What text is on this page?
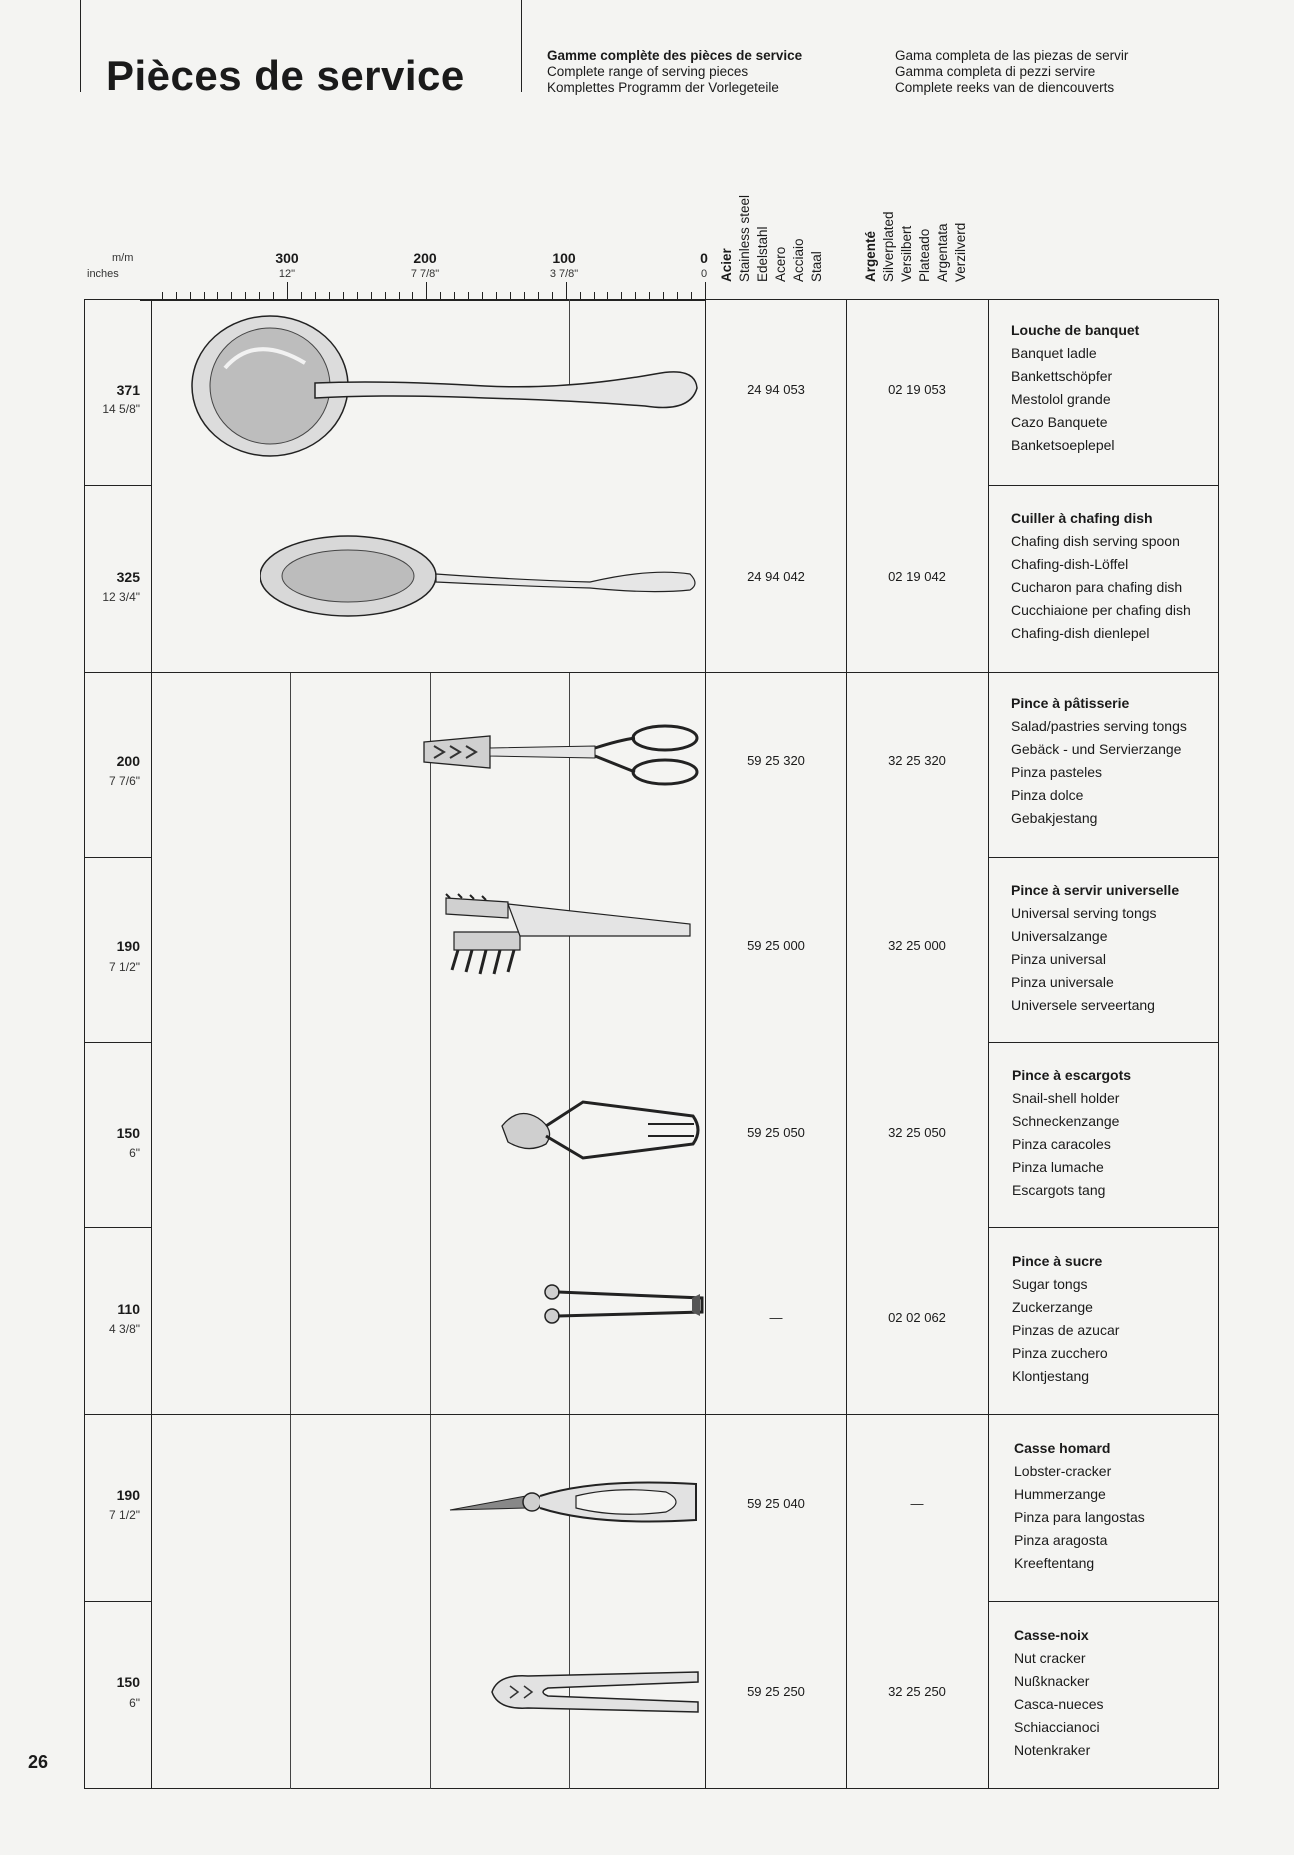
Pièces de service	Gamme complète des pièces de service
Complete range of serving pieces
Komplettes Programm der Vorlegeteile
Gama completa de las piezas de servir
Gamma completa di pezzi servire
Complete reeks van de diencouverts
m/m
inches
300
12"
200
7 7/8"
100
3 7/8"
0
0 Acier Stainless steel Edelstahl Acero Acciaio Staal	Argenté Silverplated Versilbert Plateado Argentata Verzilverd
371
14 5/8"
24 94 053	02 19 053
Louche de banquet
Banquet ladle
Bankettschöpfer
Mestolol grande
Cazo Banquete
Banketsoeplepel
325
12 3/4"
24 94 042	02 19 042
Cuiller à chafing dish
Chafing dish serving spoon
Chafing-dish-Löffel
Cucharon para chafing dish
Cucchiaione per chafing dish
Chafing-dish dienlepel
200
7 7/6"
59 25 320	32 25 320
Pince à pâtisserie
Salad/pastries serving tongs
Gebäck - und Servierzange
Pinza pasteles
Pinza dolce
Gebakjestang
190
7 1/2"
59 25 000	32 25 000
Pince à servir universelle
Universal serving tongs
Universalzange
Pinza universal
Pinza universale
Universele serveertang
150
6"
59 25 050	32 25 050
Pince à escargots
Snail-shell holder
Schneckenzange
Pinza caracoles
Pinza lumache
Escargots tang
110
4 3/8"
—	02 02 062
Pince à sucre
Sugar tongs
Zuckerzange
Pinzas de azucar
Pinza zucchero
Klontjestang
190
7 1/2"
59 25 040	—
Casse homard
Lobster-cracker
Hummerzange
Pinza para langostas
Pinza aragosta
Kreeftentang
150
6"
59 25 250	32 25 250
Casse-noix
Nut cracker
Nußknacker
Casca-nueces
Schiaccianoci
Notenkraker
26
